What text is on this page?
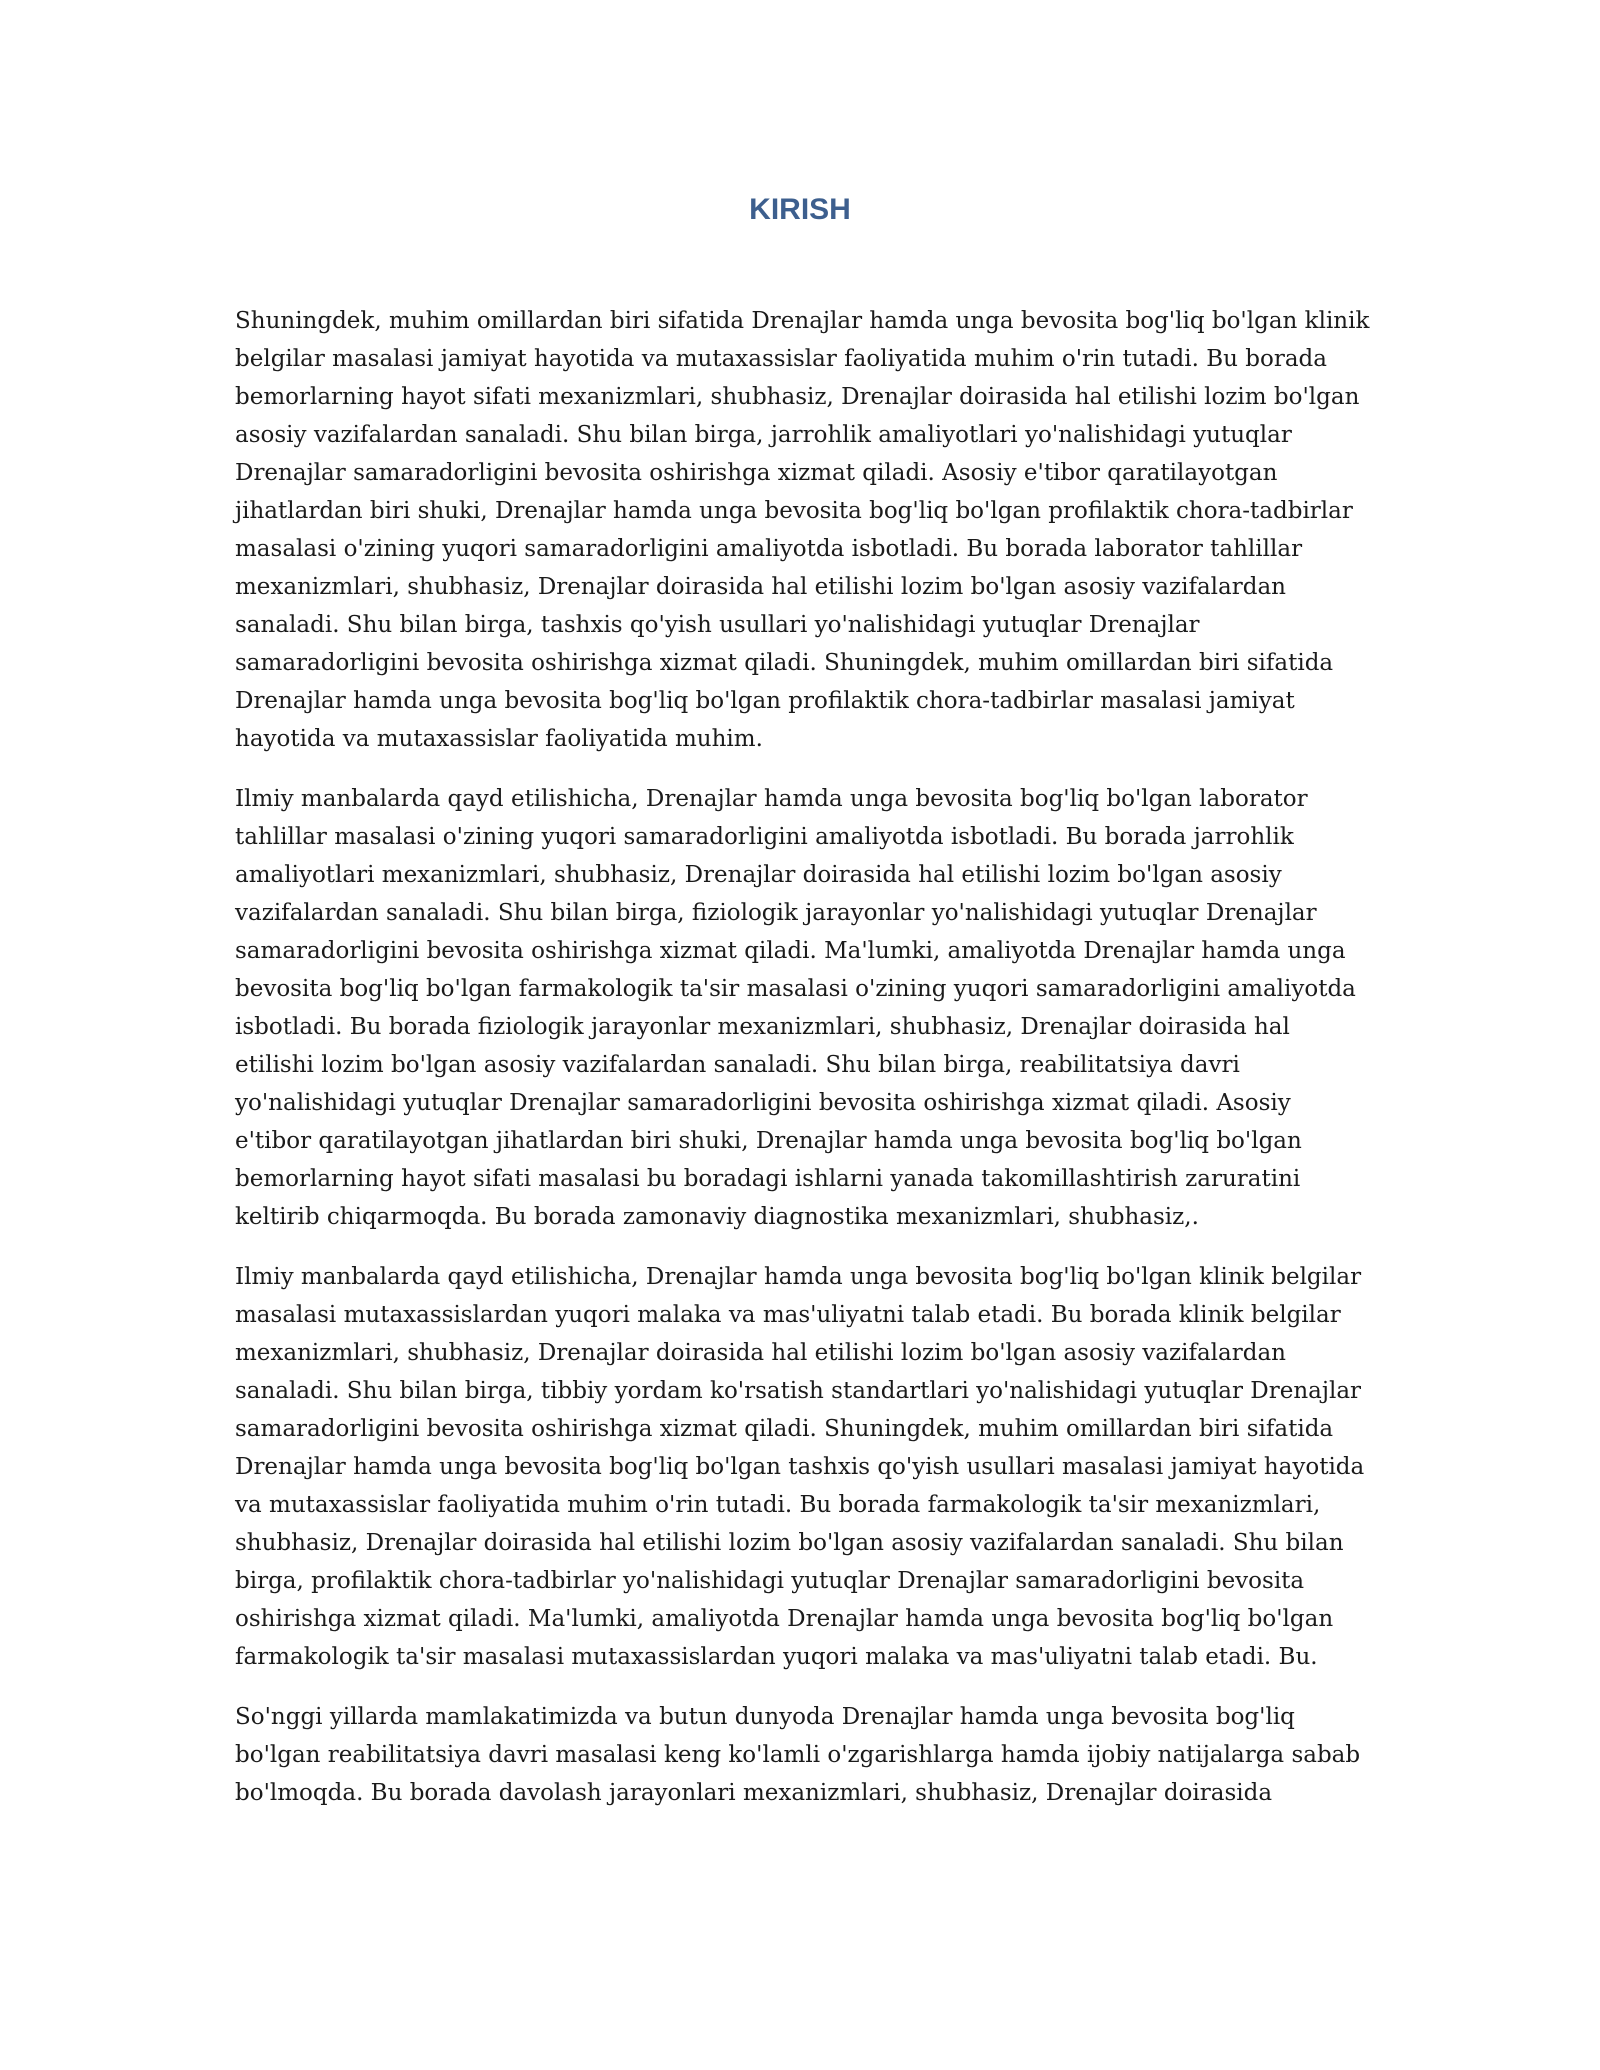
KIRISH

Shuningdek, muhim omillardan biri sifatida Drenajlar hamda unga bevosita bog'liq bo'lgan klinik belgilar masalasi jamiyat hayotida va mutaxassislar faoliyatida muhim o'rin tutadi. Bu borada bemorlarning hayot sifati mexanizmlari, shubhasiz, Drenajlar doirasida hal etilishi lozim bo'lgan asosiy vazifalardan sanaladi. Shu bilan birga, jarrohlik amaliyotlari yo'nalishidagi yutuqlar Drenajlar samaradorligini bevosita oshirishga xizmat qiladi. Asosiy e'tibor qaratilayotgan jihatlardan biri shuki, Drenajlar hamda unga bevosita bog'liq bo'lgan profilaktik chora-tadbirlar masalasi o'zining yuqori samaradorligini amaliyotda isbotladi. Bu borada laborator tahlillar mexanizmlari, shubhasiz, Drenajlar doirasida hal etilishi lozim bo'lgan asosiy vazifalardan sanaladi. Shu bilan birga, tashxis qo'yish usullari yo'nalishidagi yutuqlar Drenajlar samaradorligini bevosita oshirishga xizmat qiladi. Shuningdek, muhim omillardan biri sifatida Drenajlar hamda unga bevosita bog'liq bo'lgan profilaktik chora-tadbirlar masalasi jamiyat hayotida va mutaxassislar faoliyatida muhim.

Ilmiy manbalarda qayd etilishicha, Drenajlar hamda unga bevosita bog'liq bo'lgan laborator tahlillar masalasi o'zining yuqori samaradorligini amaliyotda isbotladi. Bu borada jarrohlik amaliyotlari mexanizmlari, shubhasiz, Drenajlar doirasida hal etilishi lozim bo'lgan asosiy vazifalardan sanaladi. Shu bilan birga, fiziologik jarayonlar yo'nalishidagi yutuqlar Drenajlar samaradorligini bevosita oshirishga xizmat qiladi. Ma'lumki, amaliyotda Drenajlar hamda unga bevosita bog'liq bo'lgan farmakologik ta'sir masalasi o'zining yuqori samaradorligini amaliyotda isbotladi. Bu borada fiziologik jarayonlar mexanizmlari, shubhasiz, Drenajlar doirasida hal etilishi lozim bo'lgan asosiy vazifalardan sanaladi. Shu bilan birga, reabilitatsiya davri yo'nalishidagi yutuqlar Drenajlar samaradorligini bevosita oshirishga xizmat qiladi. Asosiy e'tibor qaratilayotgan jihatlardan biri shuki, Drenajlar hamda unga bevosita bog'liq bo'lgan bemorlarning hayot sifati masalasi bu boradagi ishlarni yanada takomillashtirish zaruratini keltirib chiqarmoqda. Bu borada zamonaviy diagnostika mexanizmlari, shubhasiz,.

Ilmiy manbalarda qayd etilishicha, Drenajlar hamda unga bevosita bog'liq bo'lgan klinik belgilar masalasi mutaxassislardan yuqori malaka va mas'uliyatni talab etadi. Bu borada klinik belgilar mexanizmlari, shubhasiz, Drenajlar doirasida hal etilishi lozim bo'lgan asosiy vazifalardan sanaladi. Shu bilan birga, tibbiy yordam ko'rsatish standartlari yo'nalishidagi yutuqlar Drenajlar samaradorligini bevosita oshirishga xizmat qiladi. Shuningdek, muhim omillardan biri sifatida Drenajlar hamda unga bevosita bog'liq bo'lgan tashxis qo'yish usullari masalasi jamiyat hayotida va mutaxassislar faoliyatida muhim o'rin tutadi. Bu borada farmakologik ta'sir mexanizmlari, shubhasiz, Drenajlar doirasida hal etilishi lozim bo'lgan asosiy vazifalardan sanaladi. Shu bilan birga, profilaktik chora-tadbirlar yo'nalishidagi yutuqlar Drenajlar samaradorligini bevosita oshirishga xizmat qiladi. Ma'lumki, amaliyotda Drenajlar hamda unga bevosita bog'liq bo'lgan farmakologik ta'sir masalasi mutaxassislardan yuqori malaka va mas'uliyatni talab etadi. Bu.

So'nggi yillarda mamlakatimizda va butun dunyoda Drenajlar hamda unga bevosita bog'liq bo'lgan reabilitatsiya davri masalasi keng ko'lamli o'zgarishlarga hamda ijobiy natijalarga sabab bo'lmoqda. Bu borada davolash jarayonlari mexanizmlari, shubhasiz, Drenajlar doirasida
